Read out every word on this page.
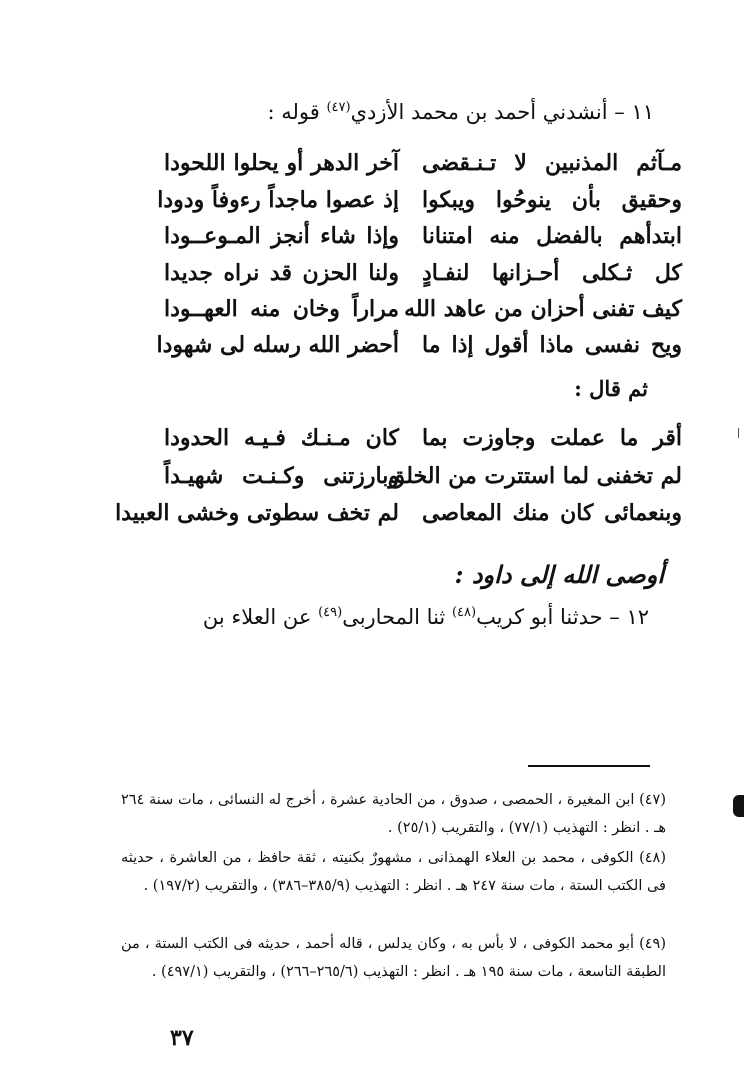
١١ – أنشدني أحمد بن محمد الأزدي$^{(٤٧)}$ قوله :
مـآثم المذنبين لا تـنـقضى
آخر الدهر أو يحلوا اللحودا
وحقيق بأن ينوحُوا ويبكوا
إذ عصوا ماجداً رءوفاً ودودا
ابتدأهم بالفضل منه امتنانا
وإذا شاء أنجز المـوعــودا
كل ثـكلى أحـزانها لنفـادٍ
ولنا الحزن قد نراه جديدا
كيف تفنى أحزان من عاهد الله
مراراً وخان منه العهــودا
ويح نفسى ماذا أقول إذا ما
أحضر الله رسله لى شهودا
ثم قال :
أقر ما عملت وجاوزت بما
كان مـنـك فـيـه الحدودا
لم تخفنى لما استترت من الخلق
وبارزتنى وكـنـت شهيـداً
وبنعمائى كان منك المعاصى
لم تخف سطوتى وخشى العبيدا
أوصى الله إلى داود :
١٢ – حدثنا أبو كريب$^{(٤٨)}$ ثنا المحاربى$^{(٤٩)}$ عن العلاء بن
(٤٧) ابن المغيرة ، الحمصى ، صدوق ، من الحادية عشرة ، أخرج له النسائى ، مات سنة ٢٦٤ هـ . انظر : التهذيب (٧٧/١) ، والتقريب (٢٥/١) .
(٤٨) الكوفى ، محمد بن العلاء الهمذانى ، مشهورٌ بكنيته ، ثقة حافظ ، من العاشرة ، حديثه فى الكتب الستة ، مات سنة ٢٤٧ هـ . انظر : التهذيب (٣٨٥/٩–٣٨٦) ، والتقريب (١٩٧/٢) .
(٤٩) أبو محمد الكوفى ، لا بأس به ، وكان يدلس ، قاله أحمد ، حديثه فى الكتب الستة ، من الطبقة التاسعة ، مات سنة ١٩٥ هـ . انظر : التهذيب (٢٦٥/٦–٢٦٦) ، والتقريب (٤٩٧/١) .
٣٧
